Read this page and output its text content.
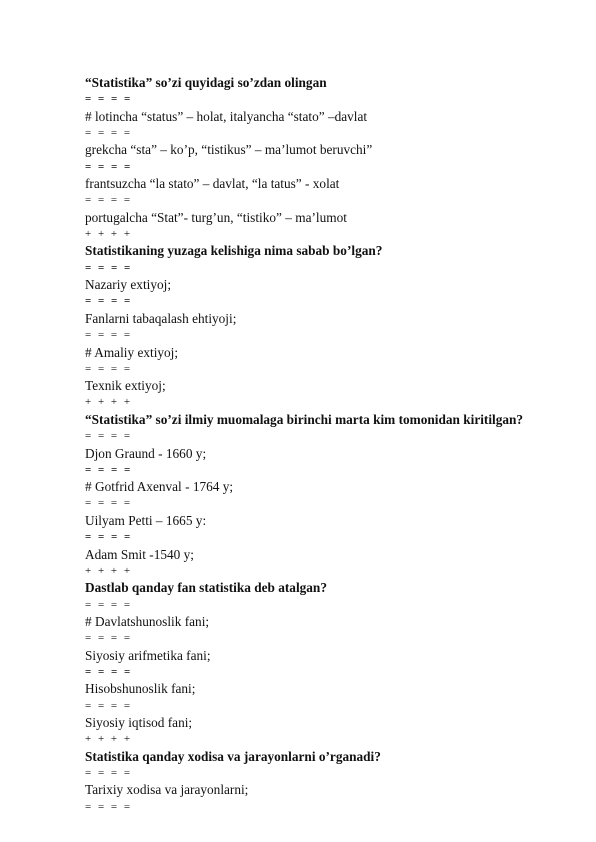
“Statistika” so’zi quyidagi so’zdan olingan
= = = =
# lotincha “status” – holat, italyancha “stato” –davlat
= = = =
grekcha “sta” – ko’p, “tistikus” – ma’lumot beruvchi”
= = = =
frantsuzcha “la stato” – davlat, “la tatus” - xolat
= = = =
portugalcha “Stat”- turg’un, “tistiko” – ma’lumot
+ + + +
Statistikaning yuzaga kelishiga nima sabab bo’lgan?
= = = =
Nazariy extiyoj;
= = = =
Fanlarni tabaqalash ehtiyoji;
= = = =
# Amaliy extiyoj;
= = = =
Texnik extiyoj;
+ + + +
“Statistika” so’zi ilmiy muomalaga birinchi marta kim tomonidan kiritilgan?
= = = =
Djon Graund - 1660 y;
= = = =
# Gotfrid Axenval - 1764 y;
= = = =
Uilyam Petti – 1665 y:
= = = =
Adam Smit -1540 y;
+ + + +
Dastlab qanday fan statistika deb atalgan?
= = = =
# Davlatshunoslik fani;
= = = =
Siyosiy arifmetika fani;
= = = =
Hisobshunoslik fani;
= = = =
Siyosiy iqtisod fani;
+ + + +
Statistika qanday xodisa va jarayonlarni o’rganadi?
= = = =
Tarixiy xodisa va jarayonlarni;
= = = =
